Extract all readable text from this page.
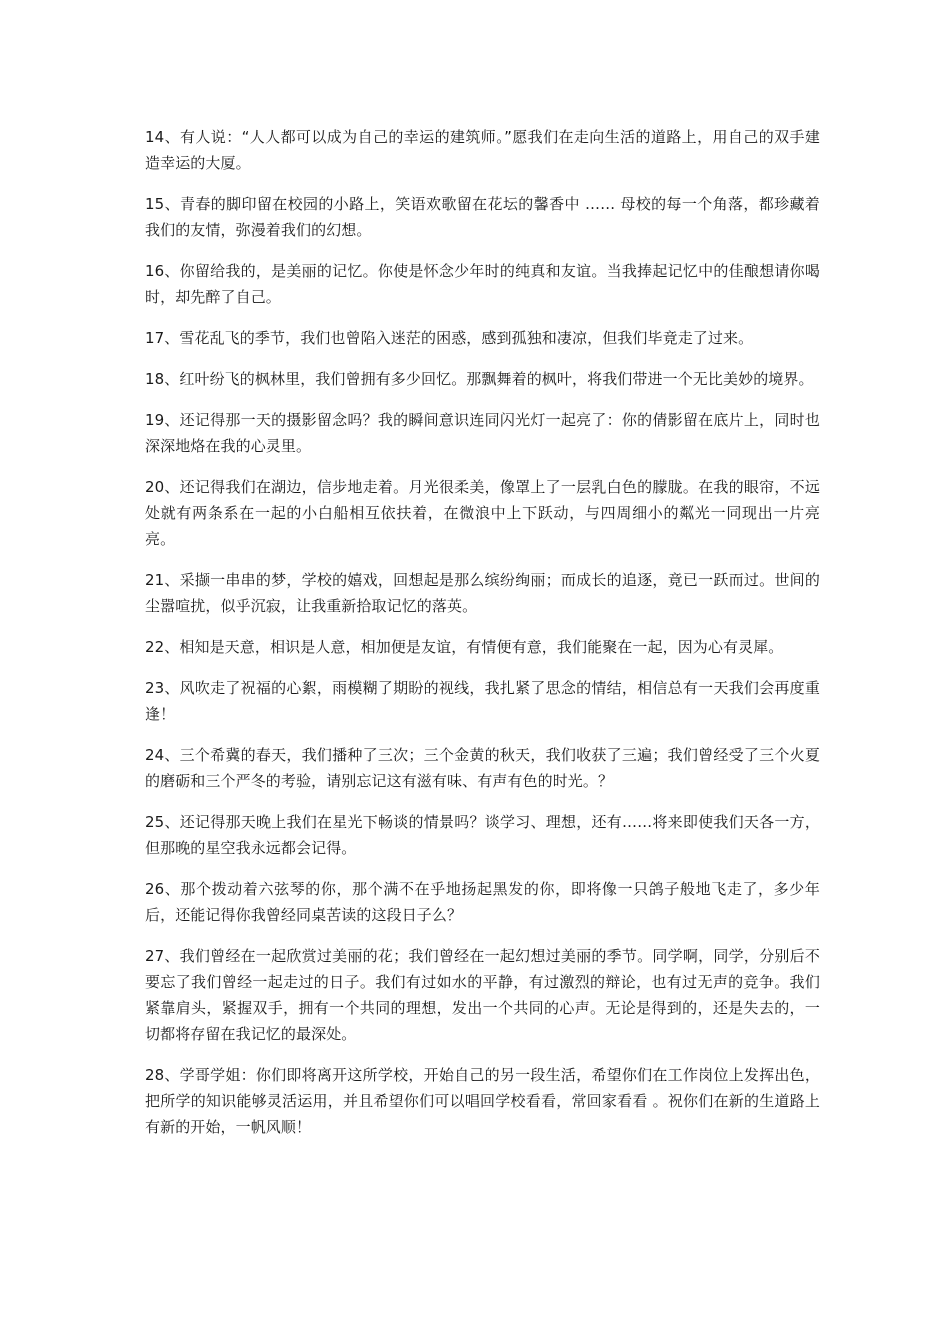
14、有人说：“人人都可以成为自己的幸运的建筑师。”愿我们在走向生活的道路上，用自己的双手建造幸运的大厦。

15、青春的脚印留在校园的小路上，笑语欢歌留在花坛的馨香中 …… 母校的每一个角落，都珍藏着我们的友情，弥漫着我们的幻想。

16、你留给我的，是美丽的记忆。你使是怀念少年时的纯真和友谊。当我捧起记忆中的佳酿想请你喝时，却先醉了自己。

17、雪花乱飞的季节，我们也曾陷入迷茫的困惑，感到孤独和凄凉，但我们毕竟走了过来。

18、红叶纷飞的枫林里，我们曾拥有多少回忆。那飘舞着的枫叶，将我们带进一个无比美妙的境界。

19、还记得那一天的摄影留念吗？我的瞬间意识连同闪光灯一起亮了：你的倩影留在底片上，同时也深深地烙在我的心灵里。

20、还记得我们在湖边，信步地走着。月光很柔美，像罩上了一层乳白色的朦胧。在我的眼帘，不远处就有两条系在一起的小白船相互依扶着，在微浪中上下跃动，与四周细小的粼光一同现出一片亮亮。

21、采撷一串串的梦，学校的嬉戏，回想起是那么缤纷绚丽；而成长的追逐，竟已一跃而过。世间的尘嚣喧扰，似乎沉寂，让我重新拾取记忆的落英。

22、相知是天意，相识是人意，相加便是友谊，有情便有意，我们能聚在一起，因为心有灵犀。

23、风吹走了祝福的心絮，雨模糊了期盼的视线，我扎紧了思念的情结，相信总有一天我们会再度重逢！

24、三个希冀的春天，我们播种了三次；三个金黄的秋天，我们收获了三遍；我们曾经受了三个火夏的磨砺和三个严冬的考验，请别忘记这有滋有味、有声有色的时光。？

25、还记得那天晚上我们在星光下畅谈的情景吗？谈学习、理想，还有……将来即使我们天各一方，但那晚的星空我永远都会记得。

26、那个拨动着六弦琴的你，那个满不在乎地扬起黑发的你，即将像一只鸽子般地飞走了，多少年后，还能记得你我曾经同桌苦读的这段日子么？

27、我们曾经在一起欣赏过美丽的花；我们曾经在一起幻想过美丽的季节。同学啊，同学，分别后不要忘了我们曾经一起走过的日子。我们有过如水的平静，有过激烈的辩论，也有过无声的竞争。我们紧靠肩头，紧握双手，拥有一个共同的理想，发出一个共同的心声。无论是得到的，还是失去的，一切都将存留在我记忆的最深处。

28、学哥学姐：你们即将离开这所学校，开始自己的另一段生活，希望你们在工作岗位上发挥出色，把所学的知识能够灵活运用，并且希望你们可以唱回学校看看，常回家看看 。祝你们在新的生道路上有新的开始，一帆风顺！
